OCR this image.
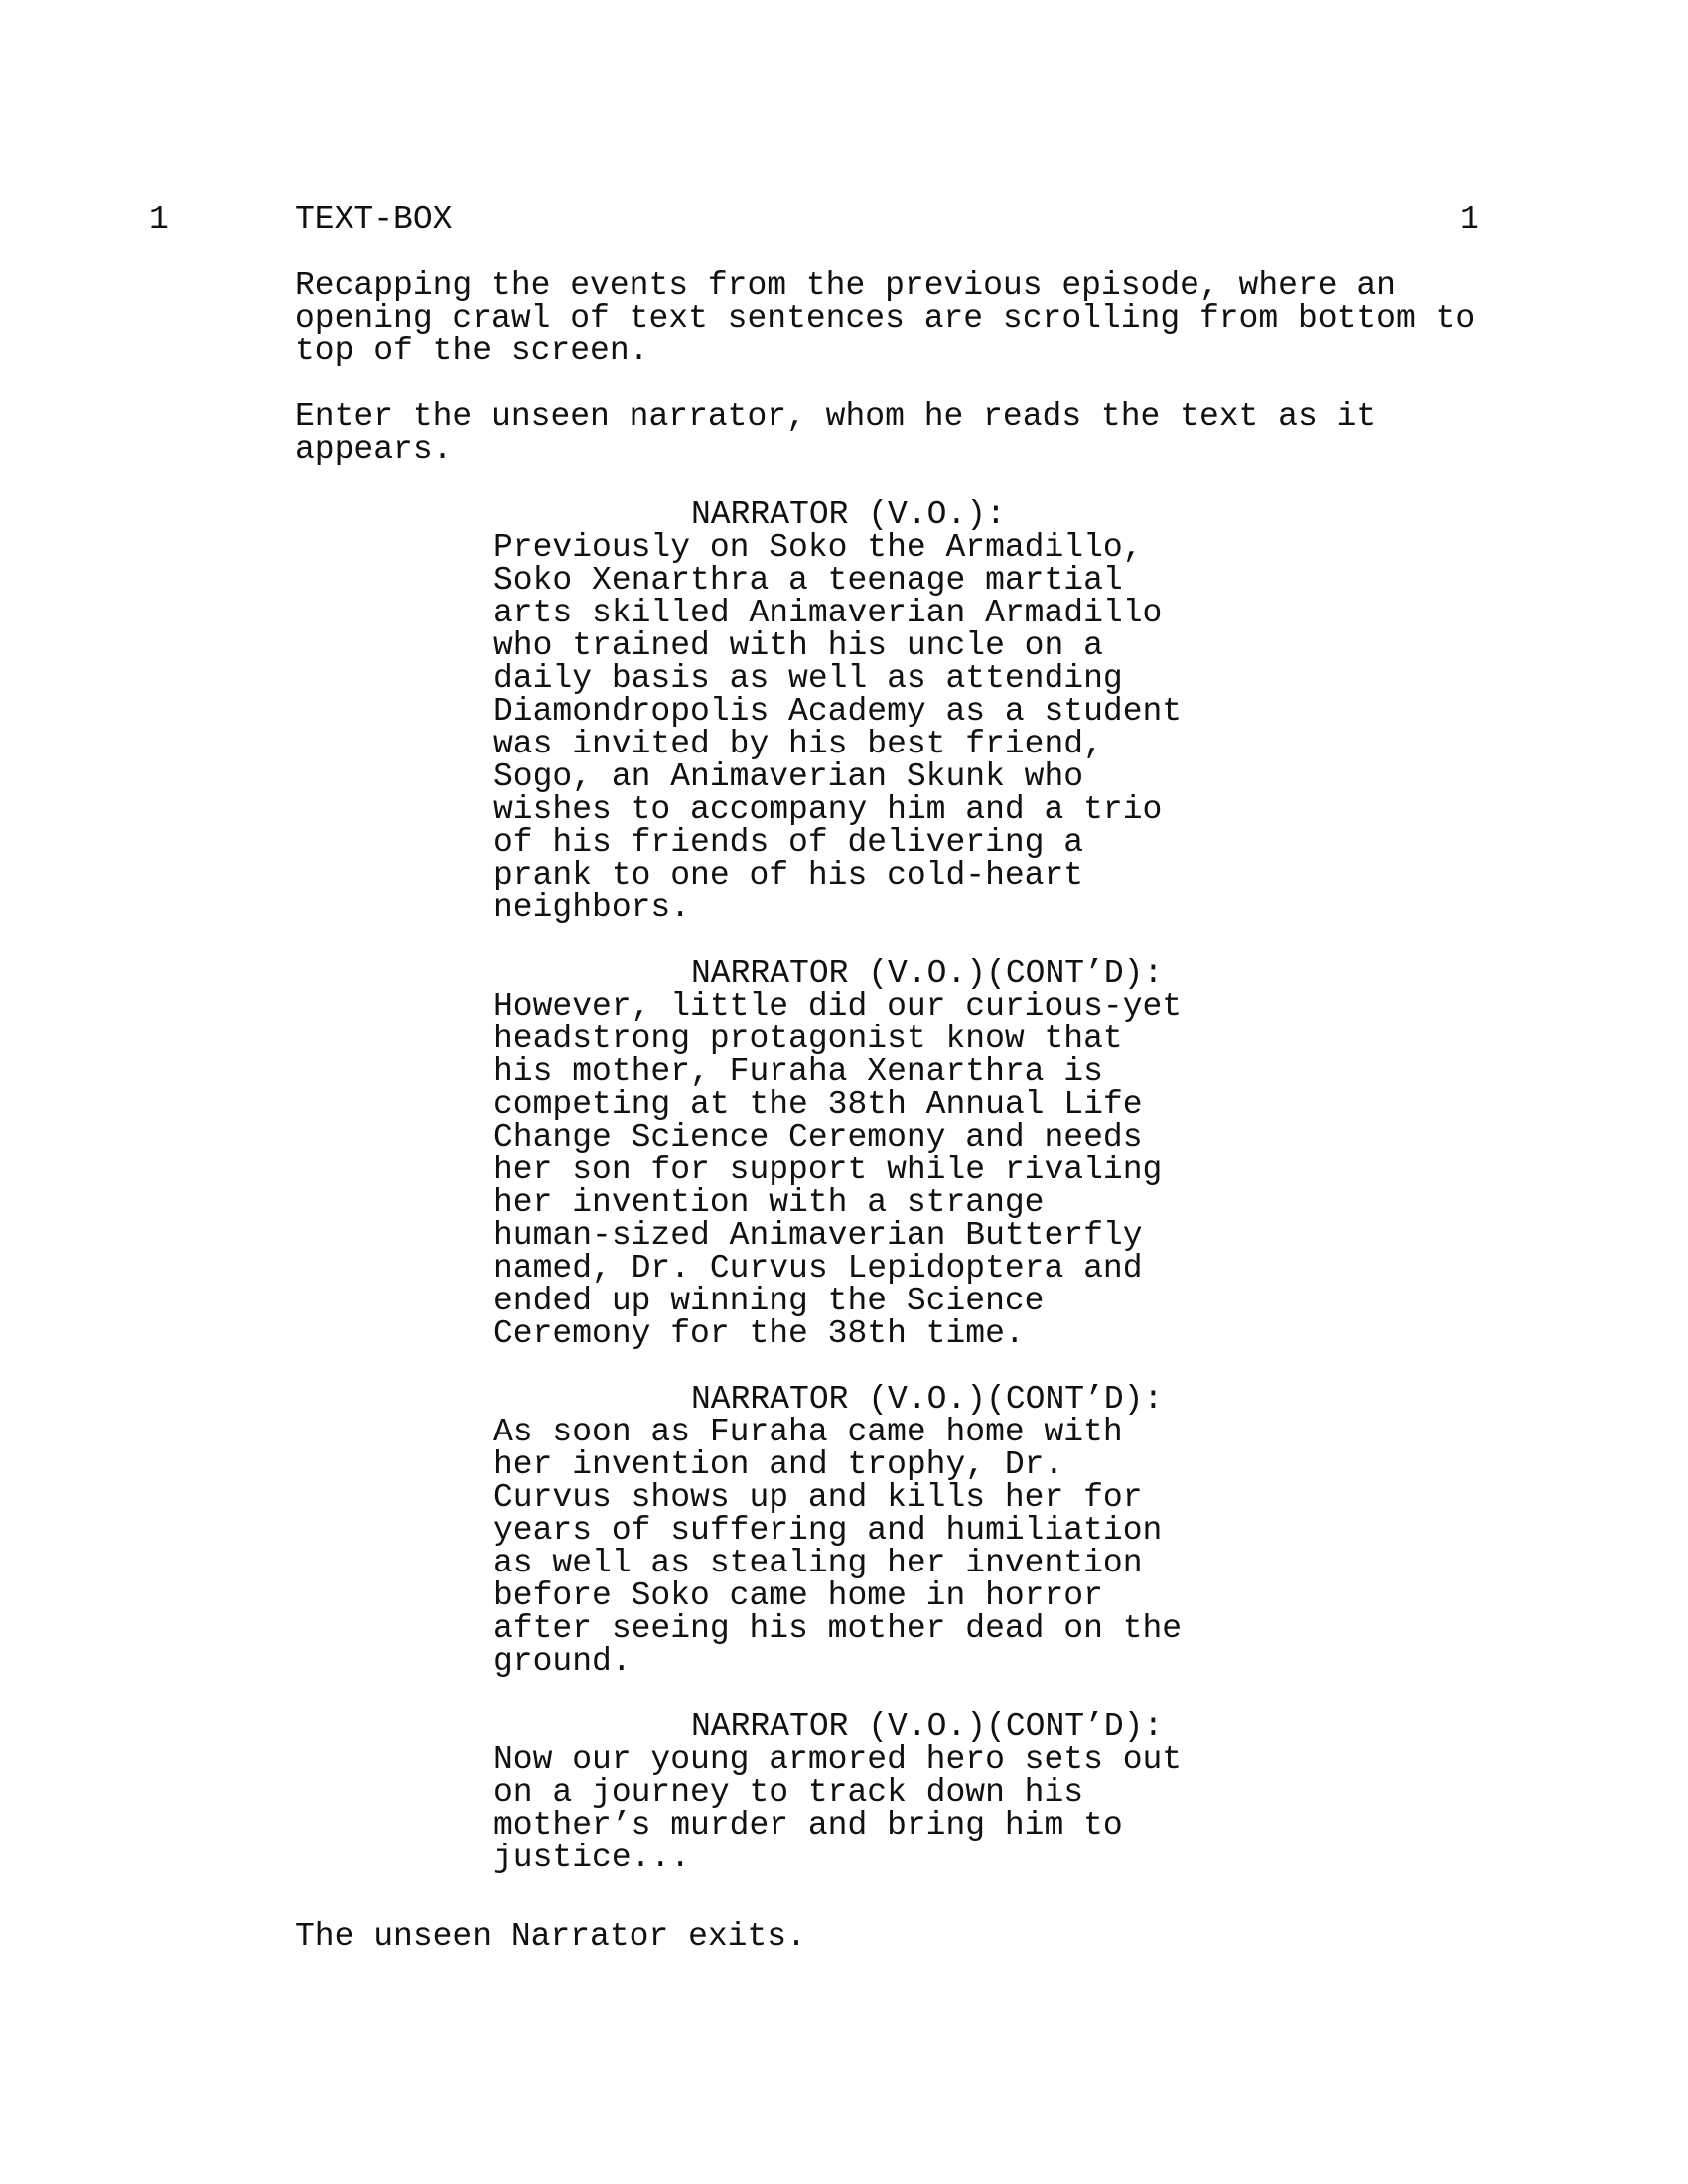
1	TEXT-BOX	1
Recapping the events from the previous episode, where an
opening crawl of text sentences are scrolling from bottom to
top of the screen.
Enter the unseen narrator, whom he reads the text as it
appears.
NARRATOR (V.O.):
Previously on Soko the Armadillo,
Soko Xenarthra a teenage martial
arts skilled Animaverian Armadillo
who trained with his uncle on a
daily basis as well as attending
Diamondropolis Academy as a student
was invited by his best friend,
Sogo, an Animaverian Skunk who
wishes to accompany him and a trio
of his friends of delivering a
prank to one of his cold-heart
neighbors.
NARRATOR (V.O.)(CONT’D):
However, little did our curious-yet
headstrong protagonist know that
his mother, Furaha Xenarthra is
competing at the 38th Annual Life
Change Science Ceremony and needs
her son for support while rivaling
her invention with a strange
human-sized Animaverian Butterfly
named, Dr. Curvus Lepidoptera and
ended up winning the Science
Ceremony for the 38th time.
NARRATOR (V.O.)(CONT’D):
As soon as Furaha came home with
her invention and trophy, Dr.
Curvus shows up and kills her for
years of suffering and humiliation
as well as stealing her invention
before Soko came home in horror
after seeing his mother dead on the
ground.
NARRATOR (V.O.)(CONT’D):
Now our young armored hero sets out
on a journey to track down his
mother’s murder and bring him to
justice...
The unseen Narrator exits.
